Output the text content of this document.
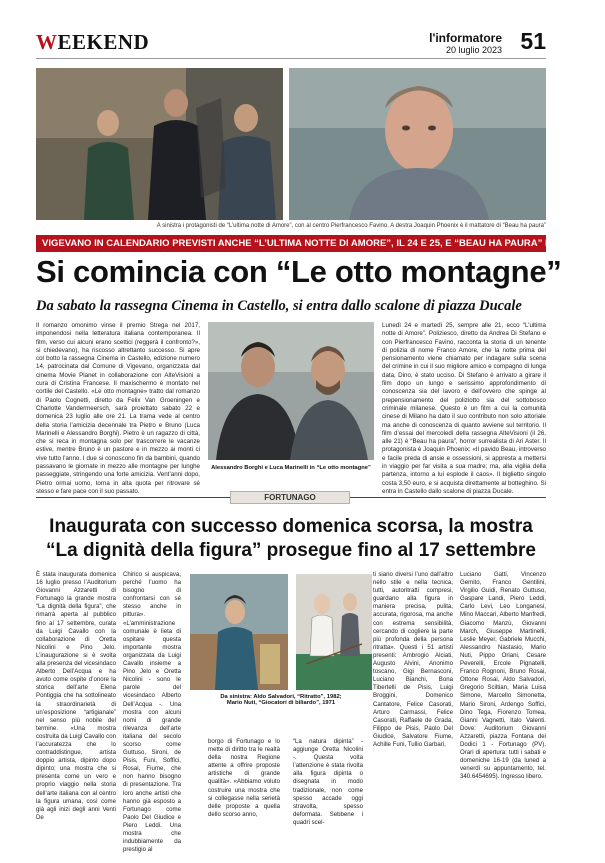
WEEKEND	l'informatore
20 luglio 2023 51
A sinistra i protagonisti de “L’ultima notte di Amore”, con al centro Pierfrancesco Favino. A destra Joaquin Phoenix è il mattatore di “Beau ha paura”
VIGEVANO IN CALENDARIO PREVISTI ANCHE “L’ULTIMA NOTTE DI AMORE”, IL 24 E 25, E “BEAU HA PAURA” IL 26 LUGLIO
Si comincia con “Le otto montagne”
Da sabato la rassegna Cinema in Castello, si entra dallo scalone di piazza Ducale
Il romanzo omonimo vinse il premio Strega nel 2017, imponendosi nella letteratura italiana contemporanea. Il film, verso cui alcuni erano scettici (reggerà il confronto?», si chiedevano), ha riscosso altrettanto successo. Si apre col botto la rassegna Cinema in Castello, edizione numero 14, patrocinata dal Comune di Vigevano, organizzata dal cinema Movie Planet in collaborazione con AlteVisioni a cura di Cristina Francese. Il maxischermo è montato nel cortile del Castello. «Le otto montagne» tratto dal romanzo di Paolo Cognetti, diretto da Felix Van Groeningen e Charlotte Vandermeersch, sarà proiettato sabato 22 e domenica 23 luglio alle ore 21. La trama vede al centro della storia l’amicizia decennale tra Pietro e Bruno (Luca Marinelli e Alessandro Borghi). Pietro è un ragazzo di città, che si reca in montagna solo per trascorrere le vacanze estive, mentre Bruno è un pastore e in mezzo ai monti ci vive tutto l’anno. I due si conoscono fin da bambini, quando passavano le giornate in mezzo alle montagne per lunghe passeggiate, stringendo una forte amicizia. Vent’anni dopo, Pietro ormai uomo, torna in alta quota per ritrovare sé stesso e fare pace con il suo passato.
Alessandro Borghi e Luca Marinelli in “Le otto montagne”
Lunedì 24 e martedì 25, sempre alle 21, ecco “L’ultima notte di Amore”. Poliziesco, diretto da Andrea Di Stefano e con Pierfrancesco Favino, racconta la storia di un tenente di polizia di nome Franco Amore, che la notte prima del pensionamento viene chiamato per indagare sulla scena del crimine in cui il suo migliore amico e compagno di lunga data, Dino, è stato ucciso. Di Stefano è arrivato a girare il film dopo un lungo e serissimo approfondimento di conoscenza sia del lavoro e dell’ovvero che spinge al prepensionamento del poliziotto sia del sottobosco criminale milanese. Questo è un film a cui la comunità cinese di Milano ha dato il suo contributo non solo attoriale ma anche di conoscenza di quanto avviene sul territorio. Il film d’essai del mercoledì della rassegna AlteVisioni (il 26, alle 21) è “Beau ha paura”, horror surrealista di Ari Aster. Il protagonista è Joaquin Phoenix: «Il pavido Beau, introverso e facile preda di ansie e ossessioni, si appresta a mettersi in viaggio per far visita a sua madre; ma, alla vigilia della partenza, intorno a lui esplode il caos». Il biglietto singolo costa 3,50 euro, e si acquista direttamente al botteghino. Si entra in Castello dallo scalone di piazza Ducale.
FORTUNAGO
Inaugurata con successo domenica scorsa, la mostra
“La dignità della figura” prosegue fino al 17 settembre
È stata inaugurata domenica 16 luglio presso l’Auditorium Giovanni Azzaretti di Fortunago la grande mostra “La dignità della figura”, che rimarrà aperta al pubblico fino al 17 settembre, curata da Luigi Cavallo con la collaborazione di Oretta Nicolini e Pino Jelo. L’inaugurazione si è svolta alla presenza del vicesindaco Alberto Dell’Acqua e ha avuto come ospite d’onore la storica dell’arte Elena Pontiggia che ha sottolineato la straordinarietà di un’esposizione “artigianale” nel senso più nobile del termine. «Una mostra costruita da Luigi Cavallo con l’accuratezza che lo contraddistingue, artista doppio artista, dipinto dopo dipinto; una mostra che si presenta come un vero e proprio viaggio nella storia dell’arte italiana con al centro la figura umana, così come già agli inizi degli anni Venti De
Chirico si auspicava, perché l’uomo ha bisogno di confrontarsi con sé stesso anche in pittura». «L’amministrazione comunale è lieta di ospitare questa importante mostra organizzata da Luigi Cavallo insieme a Pino Jelo e Oretta Nicolini - sono le parole del vicesindaco Alberto Dell’Acqua -. Una mostra con alcuni nomi di grande rilevanza dell’arte italiana del secolo scorso come Guttuso, Sironi, de Pisis, Funi, Soffici, Rosai, Fiume, che non hanno bisogno di presentazione. Tra loro anche artisti che hanno già esposto a Fortunago come Paolo Del Giudice e Piero Leddi. Una mostra che indubbiamente da prestigio al
Da sinistra: Aldo Salvadori, “Ritratto”, 1982;
Mario Nuti, “Giocatori di biliardo”, 1971
borgo di Fortunago e lo mette di diritto tra le realtà della nostra Regione attente a offrire proposte artistiche di grande qualità». «Abbiamo voluto costruire una mostra che si collegasse nella serietà delle proposte a quella dello scorso anno,
“La natura dipinta” - aggiunge Oretta Nicolini -. Questa volta l’attenzione è stata rivolta alla figura dipinta o disegnata in modo tradizionale, non come spesso accade oggi stravolta, spesso deformata. Sebbene i quadri scel-
ti siano diversi l’uno dall’altro nello stile e nella tecnica, tutti, autoritratti compresi, guardano alla figura in maniera precisa, pulita, accurata, rigorosa, ma anche con estrema sensibilità, cercando di cogliere la parte più profonda della persona ritratta». Questi i 51 artisti presenti: Ambrogio Alciati, Augusto Alvini, Anonimo toscano, Gigi Bernasconi, Luciano Bianchi, Bona Tibertelli de Pisis, Luigi Broggini, Domenico Cantatore, Felice Casorati, Arturo Carmassi, Felice Casorati, Raffaele de Grada, Filippo de Pisis, Paolo Del Giudice, Salvatore Fiume, Achille Funi, Tullio Garbari,
Luciano Gatti, Vincenzo Gemito, Franco Gentilini, Virgilio Guidi, Renato Guttuso, Gaspare Landi, Piero Leddi, Carlo Levi, Leo Longanesi, Mino Maccari, Alberto Manfredi, Giacomo Manzù, Giovanni March, Giuseppe Martinelli, Leslie Meyer, Gabriele Mucchi, Alessandro Nastasio, Mario Nuti, Pippo Oriani, Cesare Peverelli, Ercole Pignatelli, Franco Rognoni, Bruno Rosai, Ottone Rosai, Aldo Salvadori, Gregorio Sciltian, Maria Luisa Simone, Marcello Simonetta, Mario Sironi, Ardengo Soffici, Dino Tega, Fiorenzo Tomea, Gianni Vagnetti, Italo Valenti. Dove: Auditorium Giovanni Azzaretti, piazza Fontana dei Dodici 1 - Fortunago (PV). Orari di apertura: tutti i sabati e domeniche 16-19 (da luned a venerdì su appuntamento, tel. 340.6454695). Ingresso libero.
